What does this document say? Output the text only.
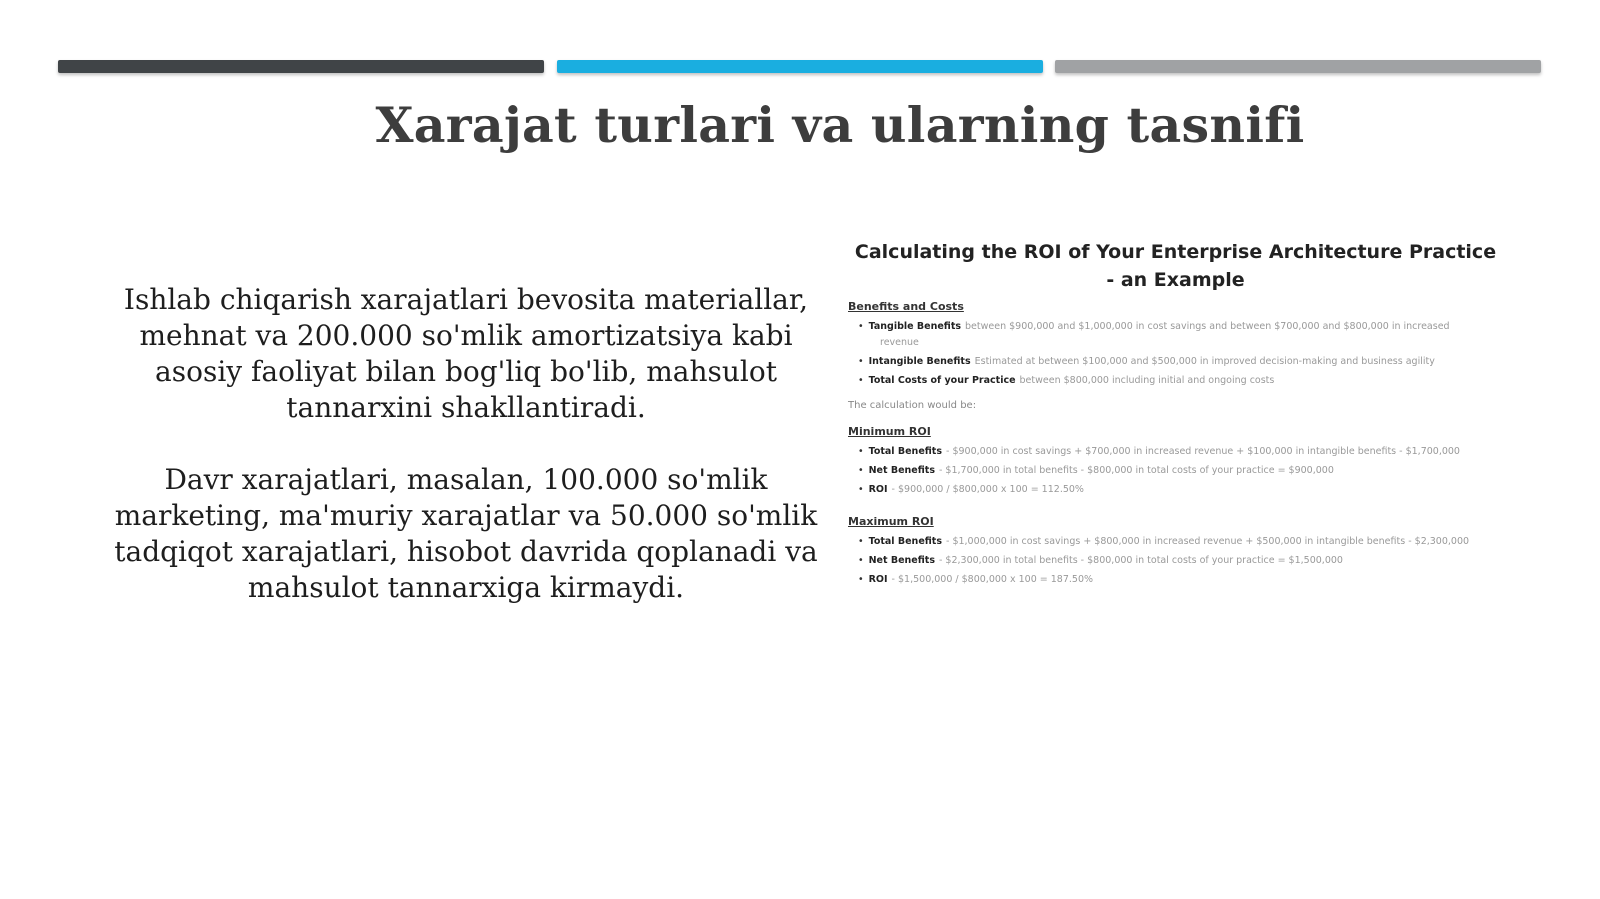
Xarajat turlari va ularning tasnifi

Ishlab chiqarish xarajatlari bevosita materiallar, mehnat va 200.000 so'mlik amortizatsiya kabi asosiy faoliyat bilan bog'liq bo'lib, mahsulot tannarxini shakllantiradi.

Davr xarajatlari, masalan, 100.000 so'mlik marketing, ma'muriy xarajatlar va 50.000 so'mlik tadqiqot xarajatlari, hisobot davrida qoplanadi va mahsulot tannarxiga kirmaydi.

Calculating the ROI of Your Enterprise Architecture Practice
- an Example
Benefits and Costs
• Tangible Benefits between $900,000 and $1,000,000 in cost savings and between $700,000 and $800,000 in increased
revenue
• Intangible Benefits Estimated at between $100,000 and $500,000 in improved decision-making and business agility
• Total Costs of your Practice between $800,000 including initial and ongoing costs
The calculation would be:
Minimum ROI
• Total Benefits - $900,000 in cost savings + $700,000 in increased revenue + $100,000 in intangible benefits - $1,700,000
• Net Benefits - $1,700,000 in total benefits - $800,000 in total costs of your practice = $900,000
• ROI - $900,000 / $800,000 x 100 = 112.50%
Maximum ROI
• Total Benefits - $1,000,000 in cost savings + $800,000 in increased revenue + $500,000 in intangible benefits - $2,300,000
• Net Benefits - $2,300,000 in total benefits - $800,000 in total costs of your practice = $1,500,000
• ROI - $1,500,000 / $800,000 x 100 = 187.50%
